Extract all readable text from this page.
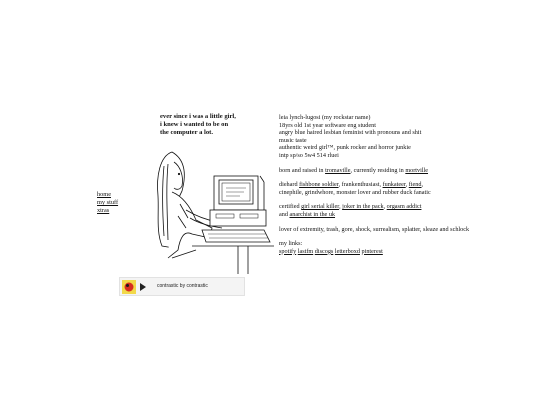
home
my stuff
xtras
ever since i was a little girl,
i knew i wanted to be on
the computer a lot.
contrastic by contrastic

leia lynch-lugosi (my rockstar name)
18yrs old 1st year software eng student
angry blue haired lesbian feminist with pronouns and shit
music taste
authentic weird girl™, punk rocker and horror junkie
intp sp/so 5w4 514 rluei

born and raised in tromaville, currently residing in mortville

diehard fishbone soldier, frankenthusiast, funkateer, fiend,
cinephile, grindwhore, monster lover and rubber duck fanatic

certified girl serial killer, joker in the pack, orgasm addict
and anarchist in the uk

lover of extremity, trash, gore, shock, surrealism, splatter, sleaze and schlock

my links:
spotify lastfm discogs letterboxd pinterest
